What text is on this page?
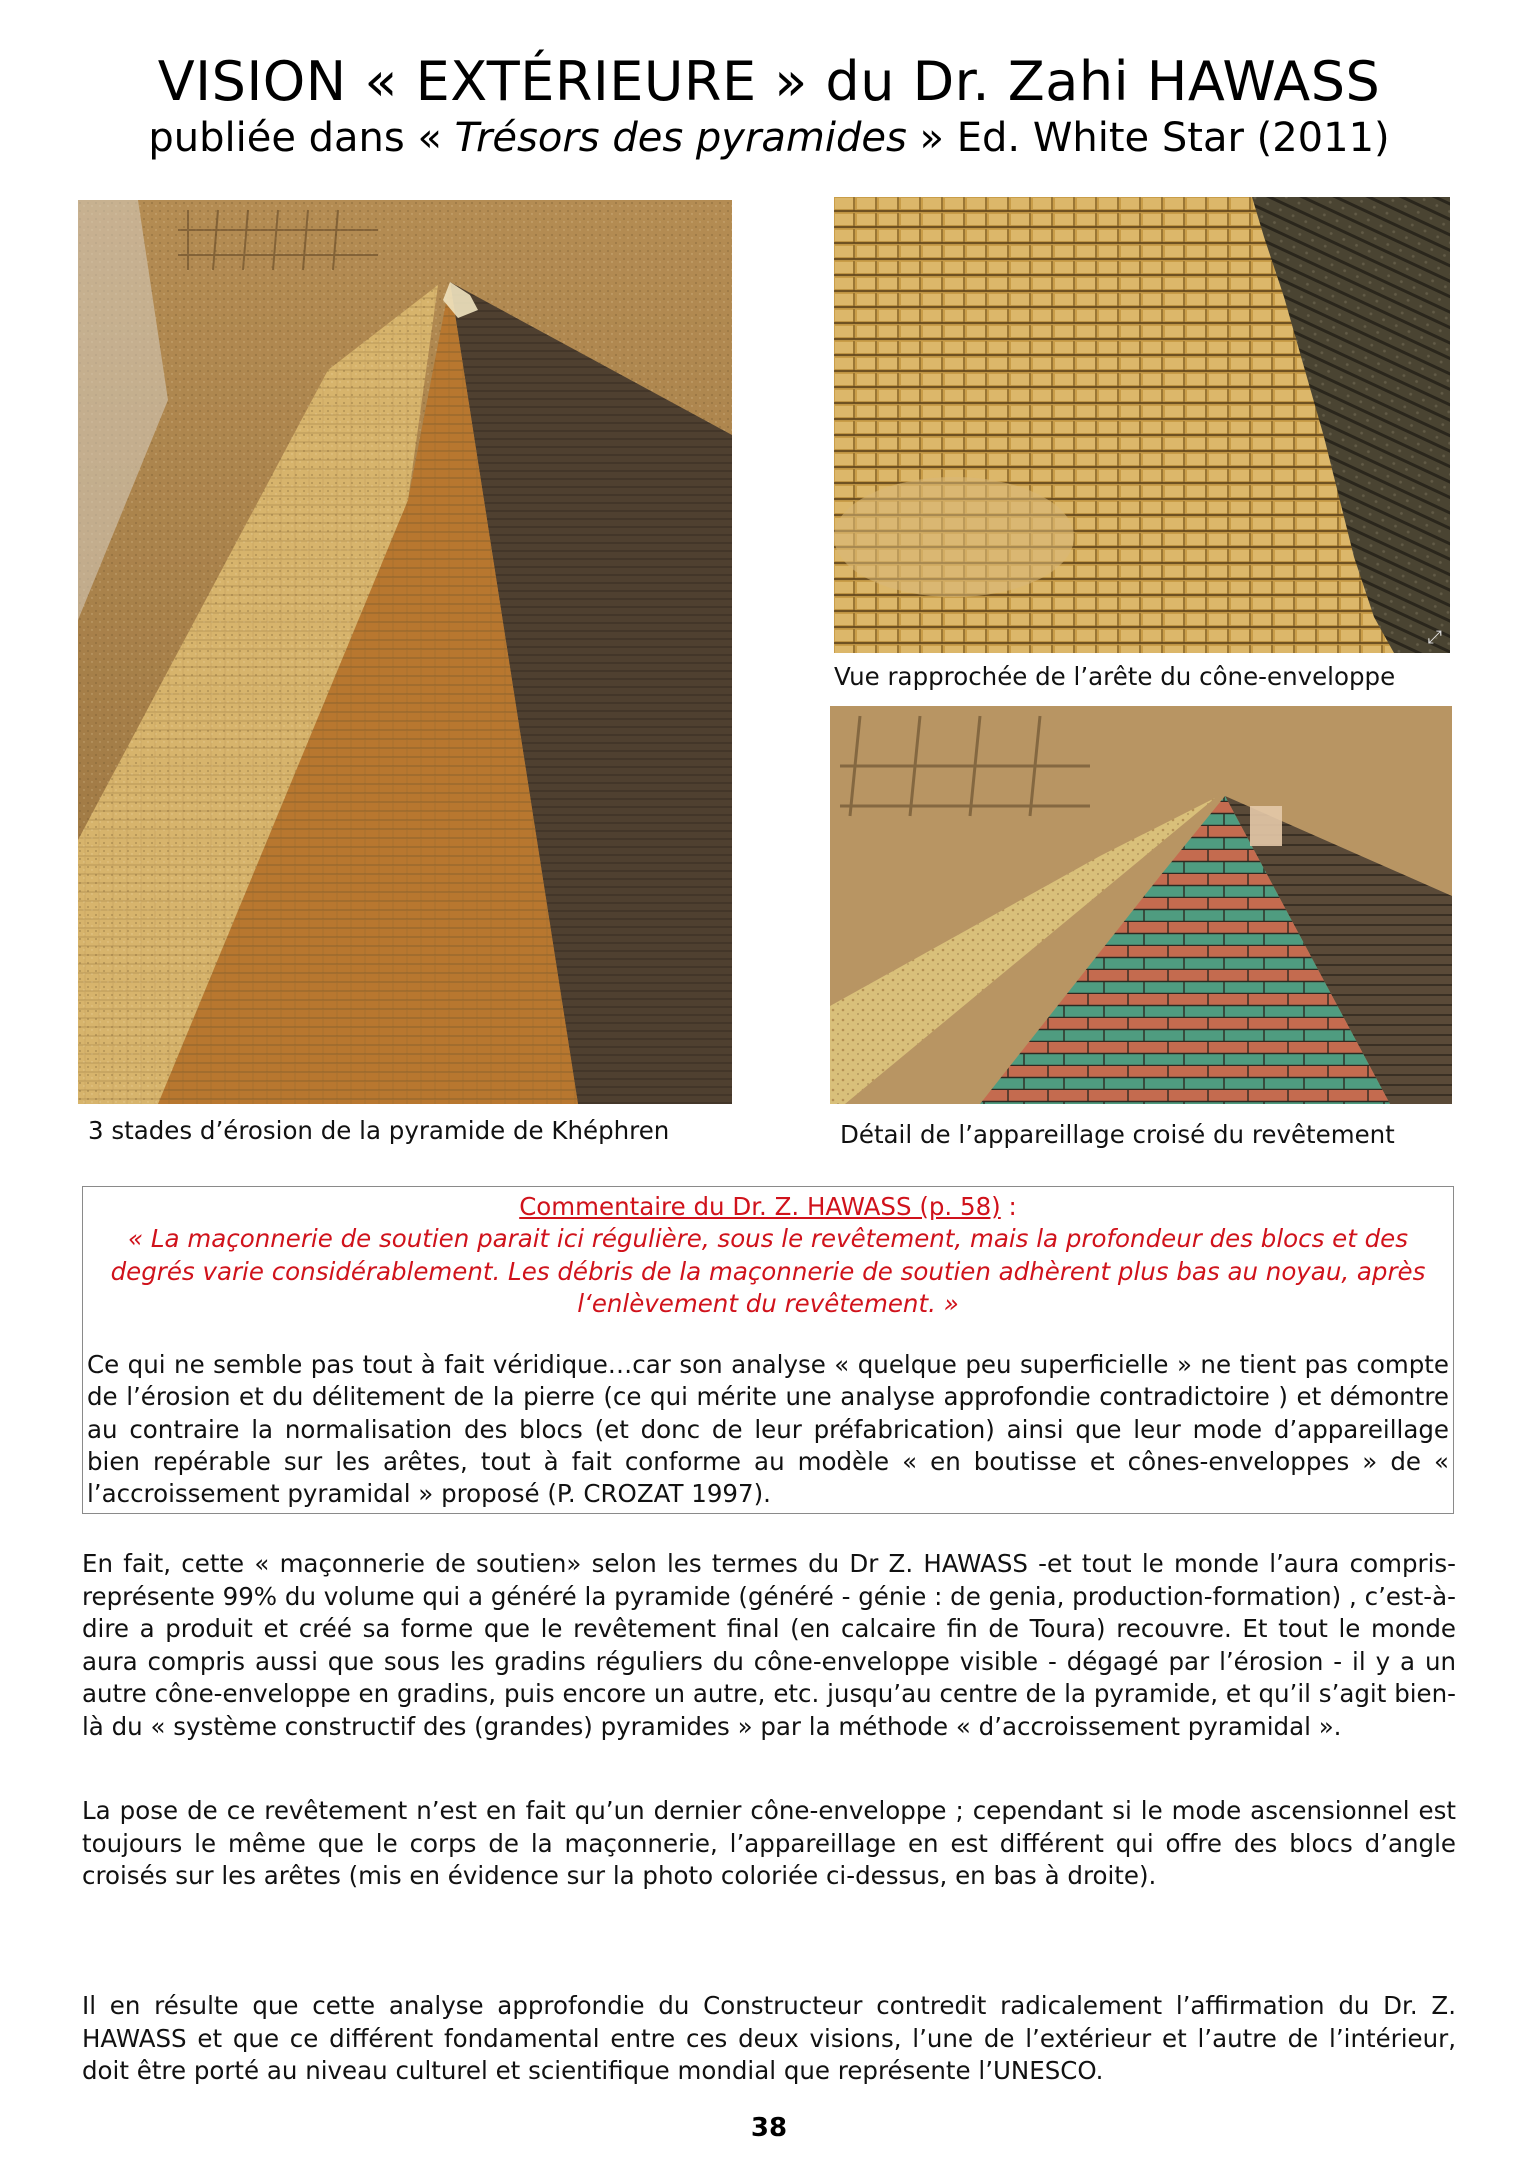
VISION « EXTÉRIEURE » du Dr. Zahi HAWASS
publiée dans « Trésors des pyramides » Ed. White Star (2011)
3 stades d’érosion de la pyramide de Khéphren
⤢
Vue rapprochée de l’arête du cône-enveloppe
Détail de l’appareillage croisé du revêtement
Commentaire du Dr. Z. HAWASS (p. 58) :
« La maçonnerie de soutien parait ici régulière, sous le revêtement, mais la profondeur des blocs et des degrés varie considérablement. Les débris de la maçonnerie de soutien adhèrent plus bas au noyau, après l‘enlèvement du revêtement. »
Ce qui ne semble pas tout à fait véridique…car son analyse « quelque peu superficielle » ne tient pas compte de l’érosion et du délitement de la pierre (ce qui mérite une analyse approfondie contradictoire ) et démontre au contraire la normalisation des blocs (et donc de leur préfabrication) ainsi que leur mode d’appareillage bien repérable sur les arêtes, tout à fait conforme au modèle « en boutisse et cônes-enveloppes » de « l’accroissement pyramidal » proposé (P. CROZAT 1997).

En fait, cette « maçonnerie de soutien» selon les termes du Dr Z. HAWASS -et tout le monde l’aura compris- représente 99% du volume qui a généré la pyramide (généré - génie : de genia, production-formation) , c’est-à-dire a produit et créé sa forme que le revêtement final (en calcaire fin de Toura) recouvre. Et tout le monde aura compris aussi que sous les gradins réguliers du cône-enveloppe visible - dégagé par l’érosion - il y a un autre cône-enveloppe en gradins, puis encore un autre, etc. jusqu’au centre de la pyramide, et qu’il s’agit bien-là du « système constructif des (grandes) pyramides » par la méthode « d’accroissement pyramidal ».

La pose de ce revêtement n’est en fait qu’un dernier cône-enveloppe ; cependant si le mode ascensionnel est toujours le même que le corps de la maçonnerie, l’appareillage en est différent qui offre des blocs d’angle croisés sur les arêtes (mis en évidence sur la photo coloriée ci-dessus, en bas à droite).

Il en résulte que cette analyse approfondie du Constructeur contredit radicalement l’affirmation du Dr. Z. HAWASS et que ce différent fondamental entre ces deux visions, l’une de l’extérieur et l’autre de l’intérieur, doit être porté au niveau culturel et scientifique mondial que représente l’UNESCO.

38
